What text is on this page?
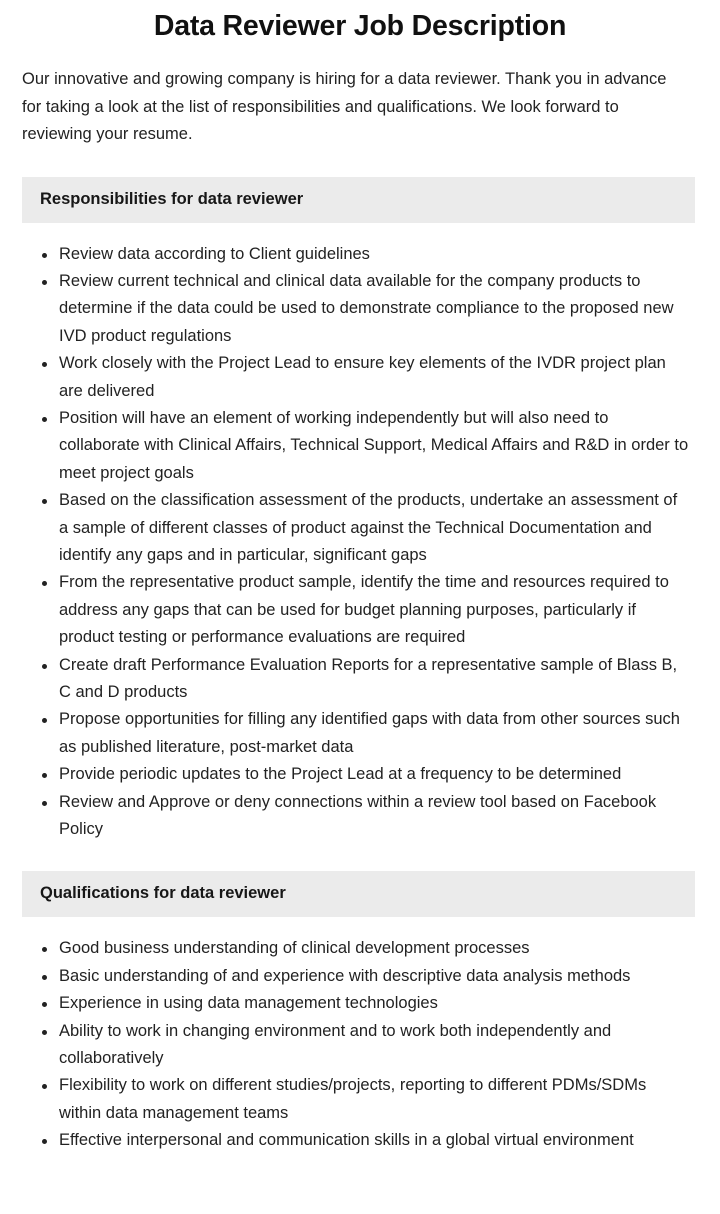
Data Reviewer Job Description

Our innovative and growing company is hiring for a data reviewer. Thank you in advance for taking a look at the list of responsibilities and qualifications. We look forward to reviewing your resume.

Responsibilities for data reviewer
Review data according to Client guidelines
Review current technical and clinical data available for the company products to determine if the data could be used to demonstrate compliance to the proposed new IVD product regulations
Work closely with the Project Lead to ensure key elements of the IVDR project plan are delivered
Position will have an element of working independently but will also need to collaborate with Clinical Affairs, Technical Support, Medical Affairs and R&D in order to meet project goals
Based on the classification assessment of the products, undertake an assessment of a sample of different classes of product against the Technical Documentation and identify any gaps and in particular, significant gaps
From the representative product sample, identify the time and resources required to address any gaps that can be used for budget planning purposes, particularly if product testing or performance evaluations are required
Create draft Performance Evaluation Reports for a representative sample of Blass B, C and D products
Propose opportunities for filling any identified gaps with data from other sources such as published literature, post-market data
Provide periodic updates to the Project Lead at a frequency to be determined
Review and Approve or deny connections within a review tool based on Facebook Policy
Qualifications for data reviewer
Good business understanding of clinical development processes
Basic understanding of and experience with descriptive data analysis methods
Experience in using data management technologies
Ability to work in changing environment and to work both independently and collaboratively
Flexibility to work on different studies/projects, reporting to different PDMs/SDMs within data management teams
Effective interpersonal and communication skills in a global virtual environment
